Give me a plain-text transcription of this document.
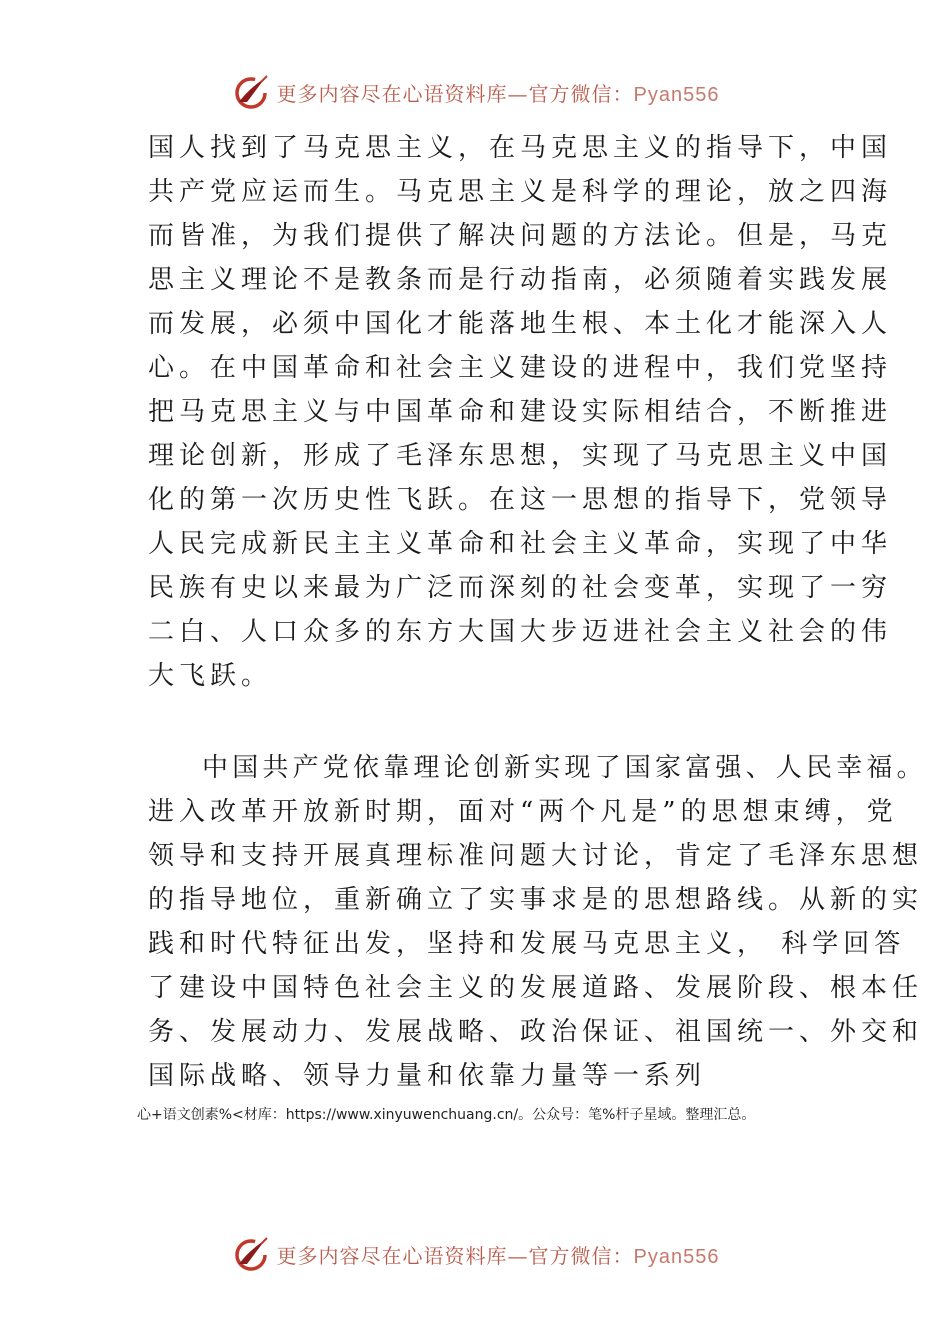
更多内容尽在心语资料库—官方微信：Pyan556
国人找到了马克思主义，在马克思主义的指导下，中国
共产党应运而生。马克思主义是科学的理论，放之四海
而皆准，为我们提供了解决问题的方法论。但是，马克
思主义理论不是教条而是行动指南，必须随着实践发展
而发展，必须中国化才能落地生根、本土化才能深入人
心。在中国革命和社会主义建设的进程中，我们党坚持
把马克思主义与中国革命和建设实际相结合，不断推进
理论创新，形成了毛泽东思想，实现了马克思主义中国
化的第一次历史性飞跃。在这一思想的指导下，党领导
人民完成新民主主义革命和社会主义革命，实现了中华
民族有史以来最为广泛而深刻的社会变革，实现了一穷
二白、人口众多的东方大国大步迈进社会主义社会的伟
大飞跃。
中国共产党依靠理论创新实现了国家富强、人民幸福。
进入改革开放新时期，面对“两个凡是”的思想束缚，党
领导和支持开展真理标准问题大讨论，肯定了毛泽东思想
的指导地位，重新确立了实事求是的思想路线。从新的实
践和时代特征出发，坚持和发展马克思主义， 科学回答
了建设中国特色社会主义的发展道路、发展阶段、根本任
务、发展动力、发展战略、政治保证、祖国统一、外交和
国际战略、领导力量和依靠力量等一系列
心+语文创素%<材库：https://www.xinyuwenchuang.cn/。公众号：笔%杆子星域。整理汇总。
更多内容尽在心语资料库—官方微信：Pyan556
